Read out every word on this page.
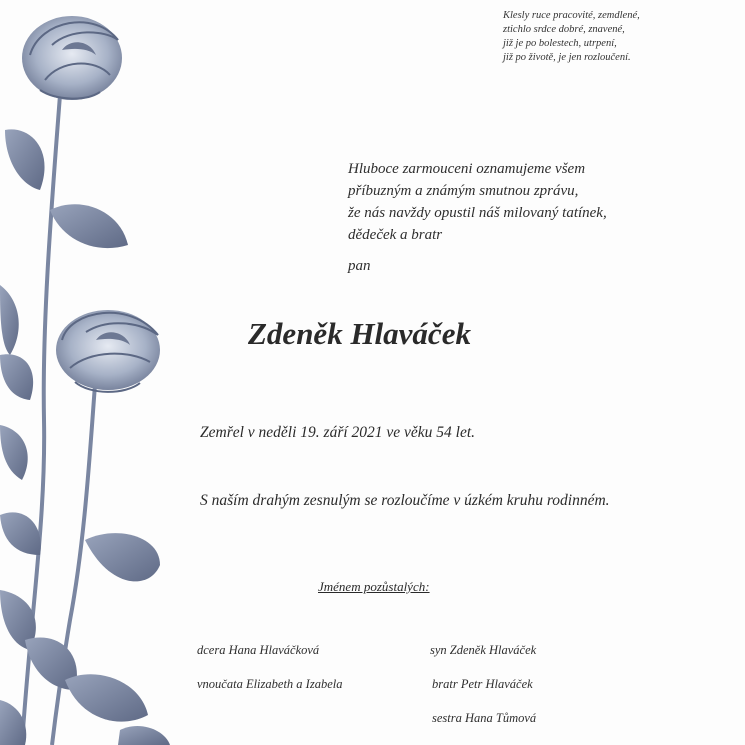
Klesly ruce pracovité, zemdlené,
ztichlo srdce dobré, znavené,
již je po bolestech, utrpení,
již po životě, je jen rozloučení.
Hluboce zarmouceni oznamujeme všem
příbuzným a známým smutnou zprávu,
že nás navždy opustil náš milovaný tatínek,
dědeček a bratr
pan
Zdeněk Hlaváček
Zemřel v neděli 19. září 2021 ve věku 54 let.
S naším drahým zesnulým se rozloučíme v úzkém kruhu rodinném.
Jménem pozůstalých:
dcera Hana Hlaváčková
vnoučata Elizabeth a Izabela
syn Zdeněk Hlaváček
bratr Petr Hlaváček
sestra Hana Tůmová
